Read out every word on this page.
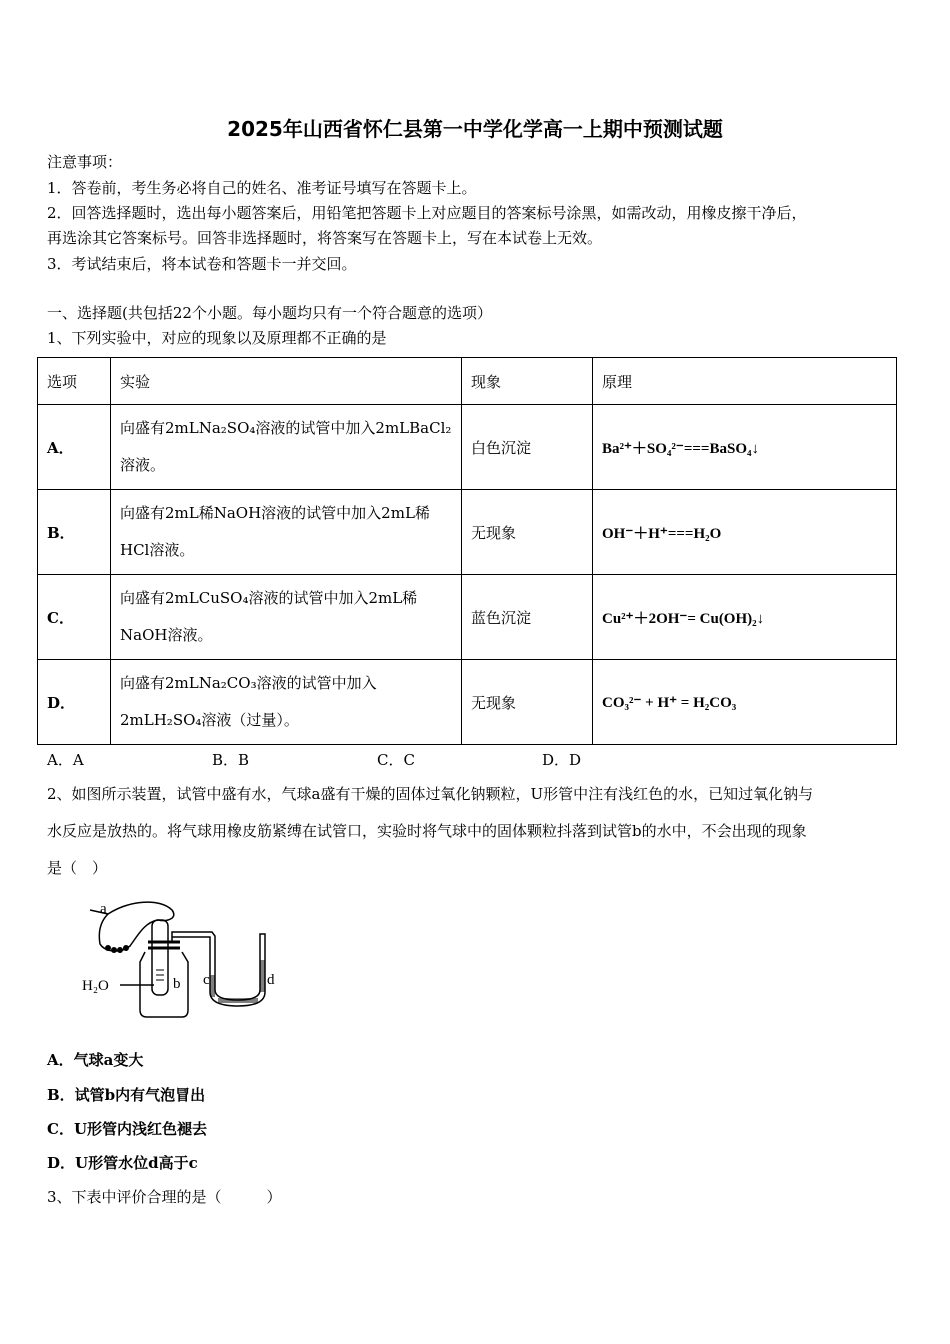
2025年山西省怀仁县第一中学化学高一上期中预测试题
注意事项：
1．答卷前，考生务必将自己的姓名、准考证号填写在答题卡上。
2．回答选择题时，选出每小题答案后，用铅笔把答题卡上对应题目的答案标号涂黑，如需改动，用橡皮擦干净后，
再选涂其它答案标号。回答非选择题时，将答案写在答题卡上，写在本试卷上无效。
3．考试结束后，将本试卷和答题卡一并交回。
一、选择题(共包括22个小题。每小题均只有一个符合题意的选项）
1、下列实验中，对应的现象以及原理都不正确的是
选项	实验	现象	原理
A．	向盛有2mLNa₂SO₄溶液的试管中加入2mLBaCl₂
溶液。	白色沉淀	Ba²⁺＋SO₄²⁻===BaSO₄↓
B．	向盛有2mL稀NaOH溶液的试管中加入2mL稀
HCl溶液。	无现象	OH⁻＋H⁺===H₂O
C．	向盛有2mLCuSO₄溶液的试管中加入2mL稀
NaOH溶液。	蓝色沉淀	Cu²⁺＋2OH⁻= Cu(OH)₂↓
D．	向盛有2mLNa₂CO₃溶液的试管中加入
2mLH₂SO₄溶液（过量）。	无现象	CO₃²⁻ + H⁺ = H₂CO₃
A．A	B．B	C．C	D．D
2、如图所示装置，试管中盛有水，气球a盛有干燥的固体过氧化钠颗粒，U形管中注有浅红色的水，已知过氧化钠与
水反应是放热的。将气球用橡皮筋紧缚在试管口，实验时将气球中的固体颗粒抖落到试管b的水中，不会出现的现象
是（　）
a
b c	d
H₂O
A．气球a变大
B．试管b内有气泡冒出
C．U形管内浅红色褪去
D．U形管水位d高于c
3、下表中评价合理的是（　　　）
